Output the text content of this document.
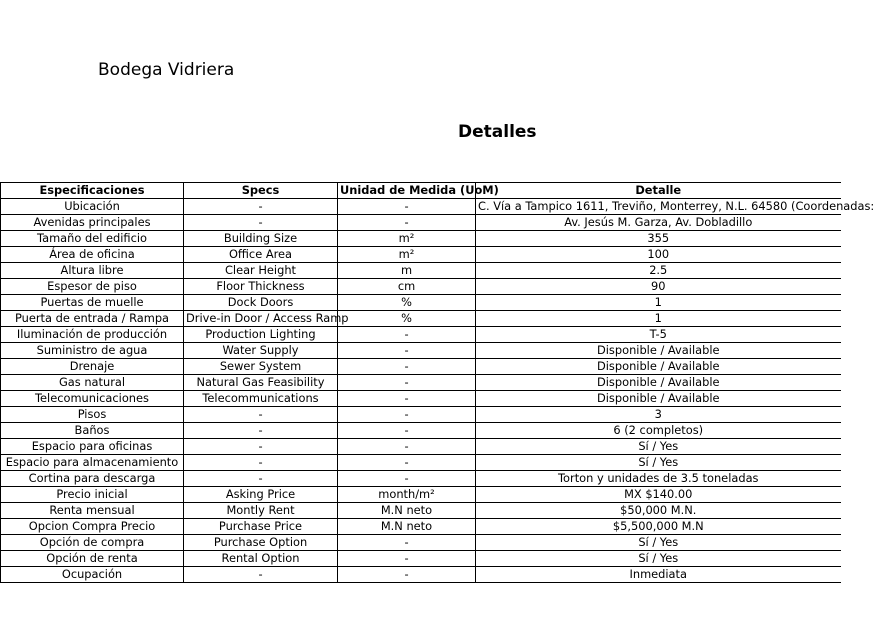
Bodega Vidriera
Detalles
Especificaciones	Specs	Unidad de Medida (UoM)	Detalle
Ubicación	-	-	C. Vía a Tampico 1611, Treviño, Monterrey, N.L. 64580 (Coordenadas:
Avenidas principales	-	-	Av. Jesús M. Garza, Av. Dobladillo
Tamaño del edificio	Building Size	m²	355
Área de oficina	Office Area	m²	100
Altura libre	Clear Height	m	2.5
Espesor de piso	Floor Thickness	cm	90
Puertas de muelle	Dock Doors	%	1
Puerta de entrada / Rampa	Drive-in Door / Access Ramp	%	1
Iluminación de producción	Production Lighting	-	T-5
Suministro de agua	Water Supply	-	Disponible / Available
Drenaje	Sewer System	-	Disponible / Available
Gas natural	Natural Gas Feasibility	-	Disponible / Available
Telecomunicaciones	Telecommunications	-	Disponible / Available
Pisos	-	-	3
Baños	-	-	6 (2 completos)
Espacio para oficinas	-	-	Sí / Yes
Espacio para almacenamiento	-	-	Sí / Yes
Cortina para descarga	-	-	Torton y unidades de 3.5 toneladas
Precio inicial	Asking Price	month/m²	MX $140.00
Renta mensual	Montly Rent	M.N neto	$50,000 M.N.
Opcion Compra Precio	Purchase Price	M.N neto	$5,500,000 M.N
Opción de compra	Purchase Option	-	Sí / Yes
Opción de renta	Rental Option	-	Sí / Yes
Ocupación	-	-	Inmediata
